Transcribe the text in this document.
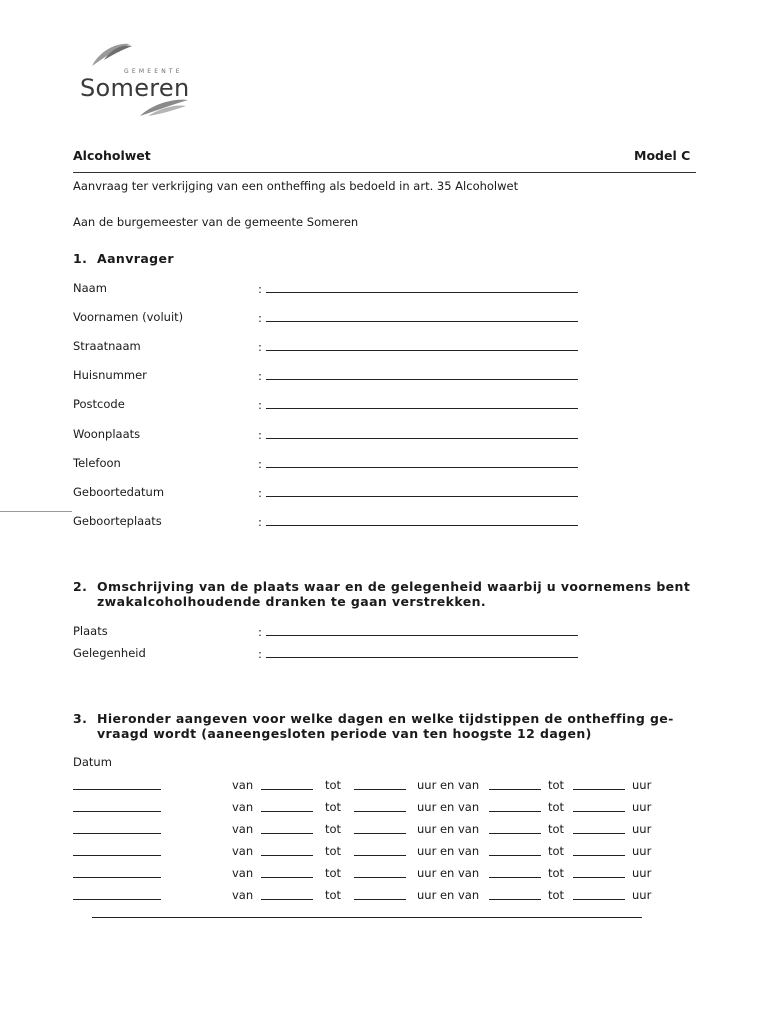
GEMEENTE
Someren
Alcoholwet	Model C
Aanvraag ter verkrijging van een ontheffing als bedoeld in art. 35 Alcoholwet
Aan de burgemeester van de gemeente Someren
1. Aanvrager
Naam	:
Voornamen (voluit)	:
Straatnaam	:
Huisnummer	:
Postcode	:
Woonplaats	:
Telefoon	:
Geboortedatum	:
Geboorteplaats	:
2. Omschrijving van de plaats waar en de gelegenheid waarbij u voornemens bent
zwakalcoholhoudende dranken te gaan verstrekken.
Plaats	:
Gelegenheid	:
3. Hieronder aangeven voor welke dagen en welke tijdstippen de ontheffing ge-
vraagd wordt (aaneengesloten periode van ten hoogste 12 dagen)
Datum
van	tot	uur en van	tot	uur
van	tot	uur en van	tot	uur
van	tot	uur en van	tot	uur
van	tot	uur en van	tot	uur
van	tot	uur en van	tot	uur
van	tot	uur en van	tot	uur
